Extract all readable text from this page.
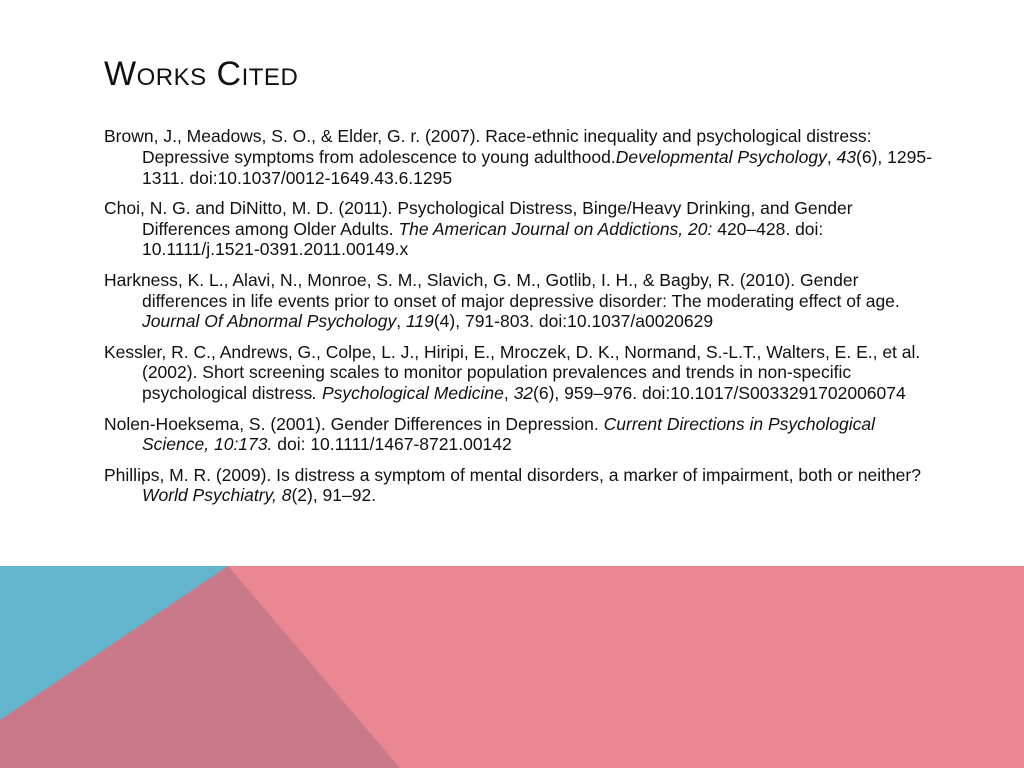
Works Cited
Brown, J., Meadows, S. O., & Elder, G. r. (2007). Race-ethnic inequality and psychological distress: Depressive symptoms from adolescence to young adulthood.Developmental Psychology, 43(6), 1295-1311. doi:10.1037/0012-1649.43.6.1295
Choi, N. G. and DiNitto, M. D. (2011). Psychological Distress, Binge/Heavy Drinking, and Gender Differences among Older Adults. The American Journal on Addictions, 20: 420–428. doi: 10.1111/j.1521-0391.2011.00149.x
Harkness, K. L., Alavi, N., Monroe, S. M., Slavich, G. M., Gotlib, I. H., & Bagby, R. (2010). Gender differences in life events prior to onset of major depressive disorder: The moderating effect of age. Journal Of Abnormal Psychology, 119(4), 791-803. doi:10.1037/a0020629
Kessler, R. C., Andrews, G., Colpe, L. J., Hiripi, E., Mroczek, D. K., Normand, S.-L.T., Walters, E. E., et al. (2002). Short screening scales to monitor population prevalences and trends in non-specific psychological distress. Psychological Medicine, 32(6), 959–976. doi:10.1017/S0033291702006074
Nolen-Hoeksema, S. (2001). Gender Differences in Depression. Current Directions in Psychological Science, 10:173. doi: 10.1111/1467-8721.00142
Phillips, M. R. (2009). Is distress a symptom of mental disorders, a marker of impairment, both or neither? World Psychiatry, 8(2), 91–92.
